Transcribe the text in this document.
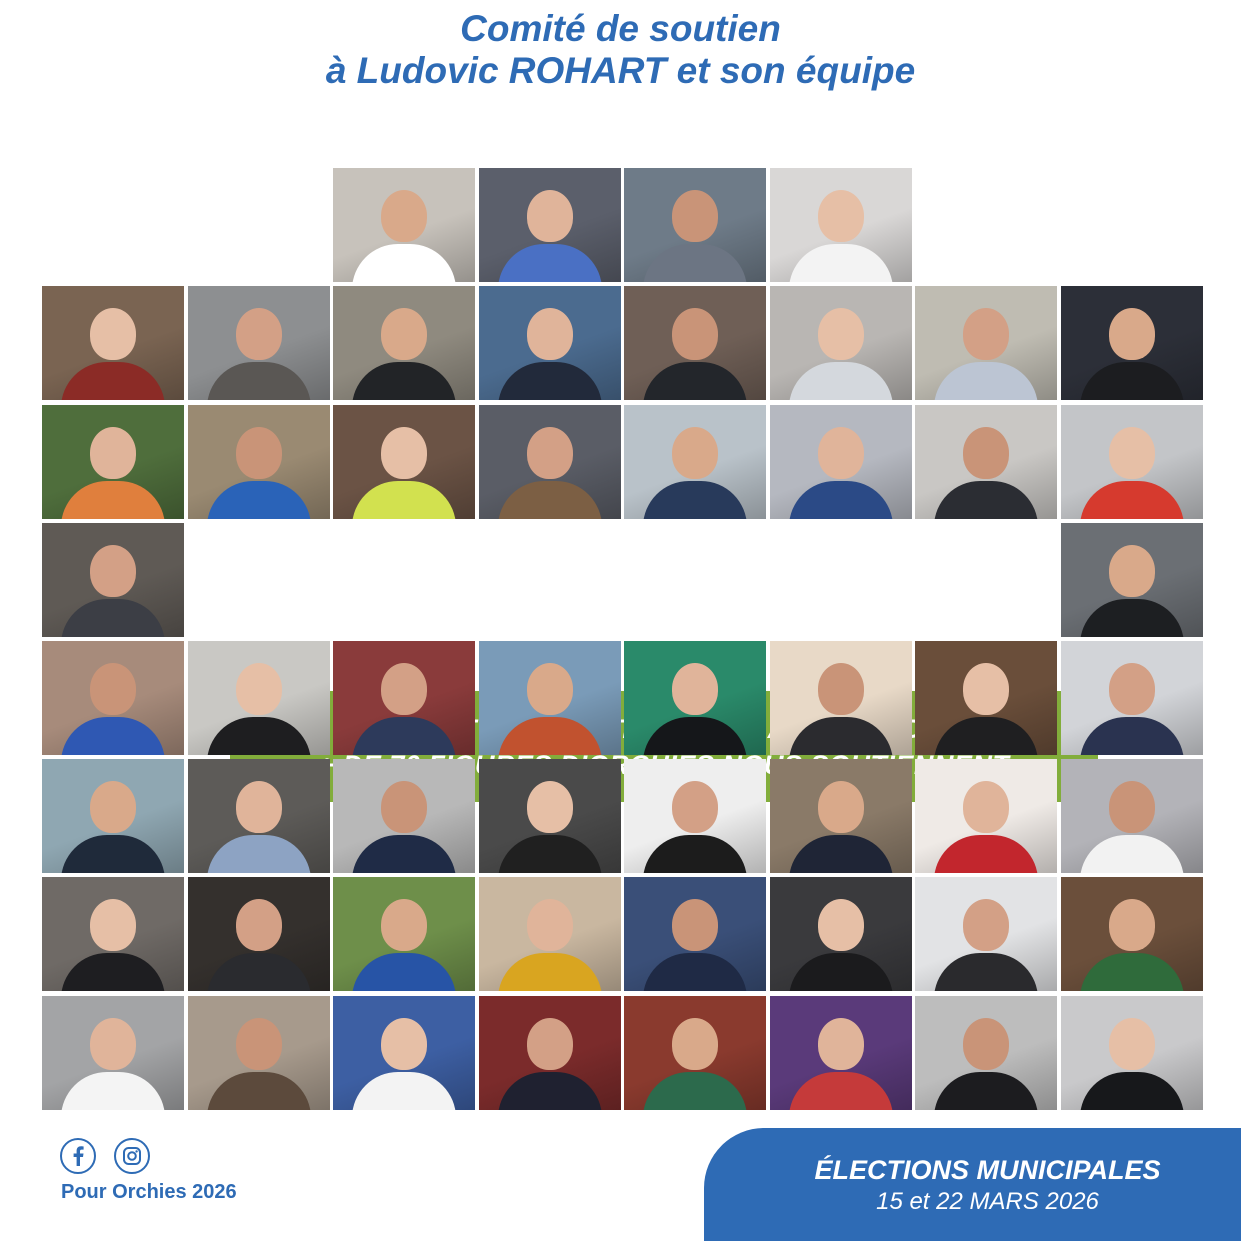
Comité de soutien
à Ludovic ROHART et son équipe
Pour Orchies 2026
ÉLECTIONS MUNICIPALES
15 et 22 MARS 2026
